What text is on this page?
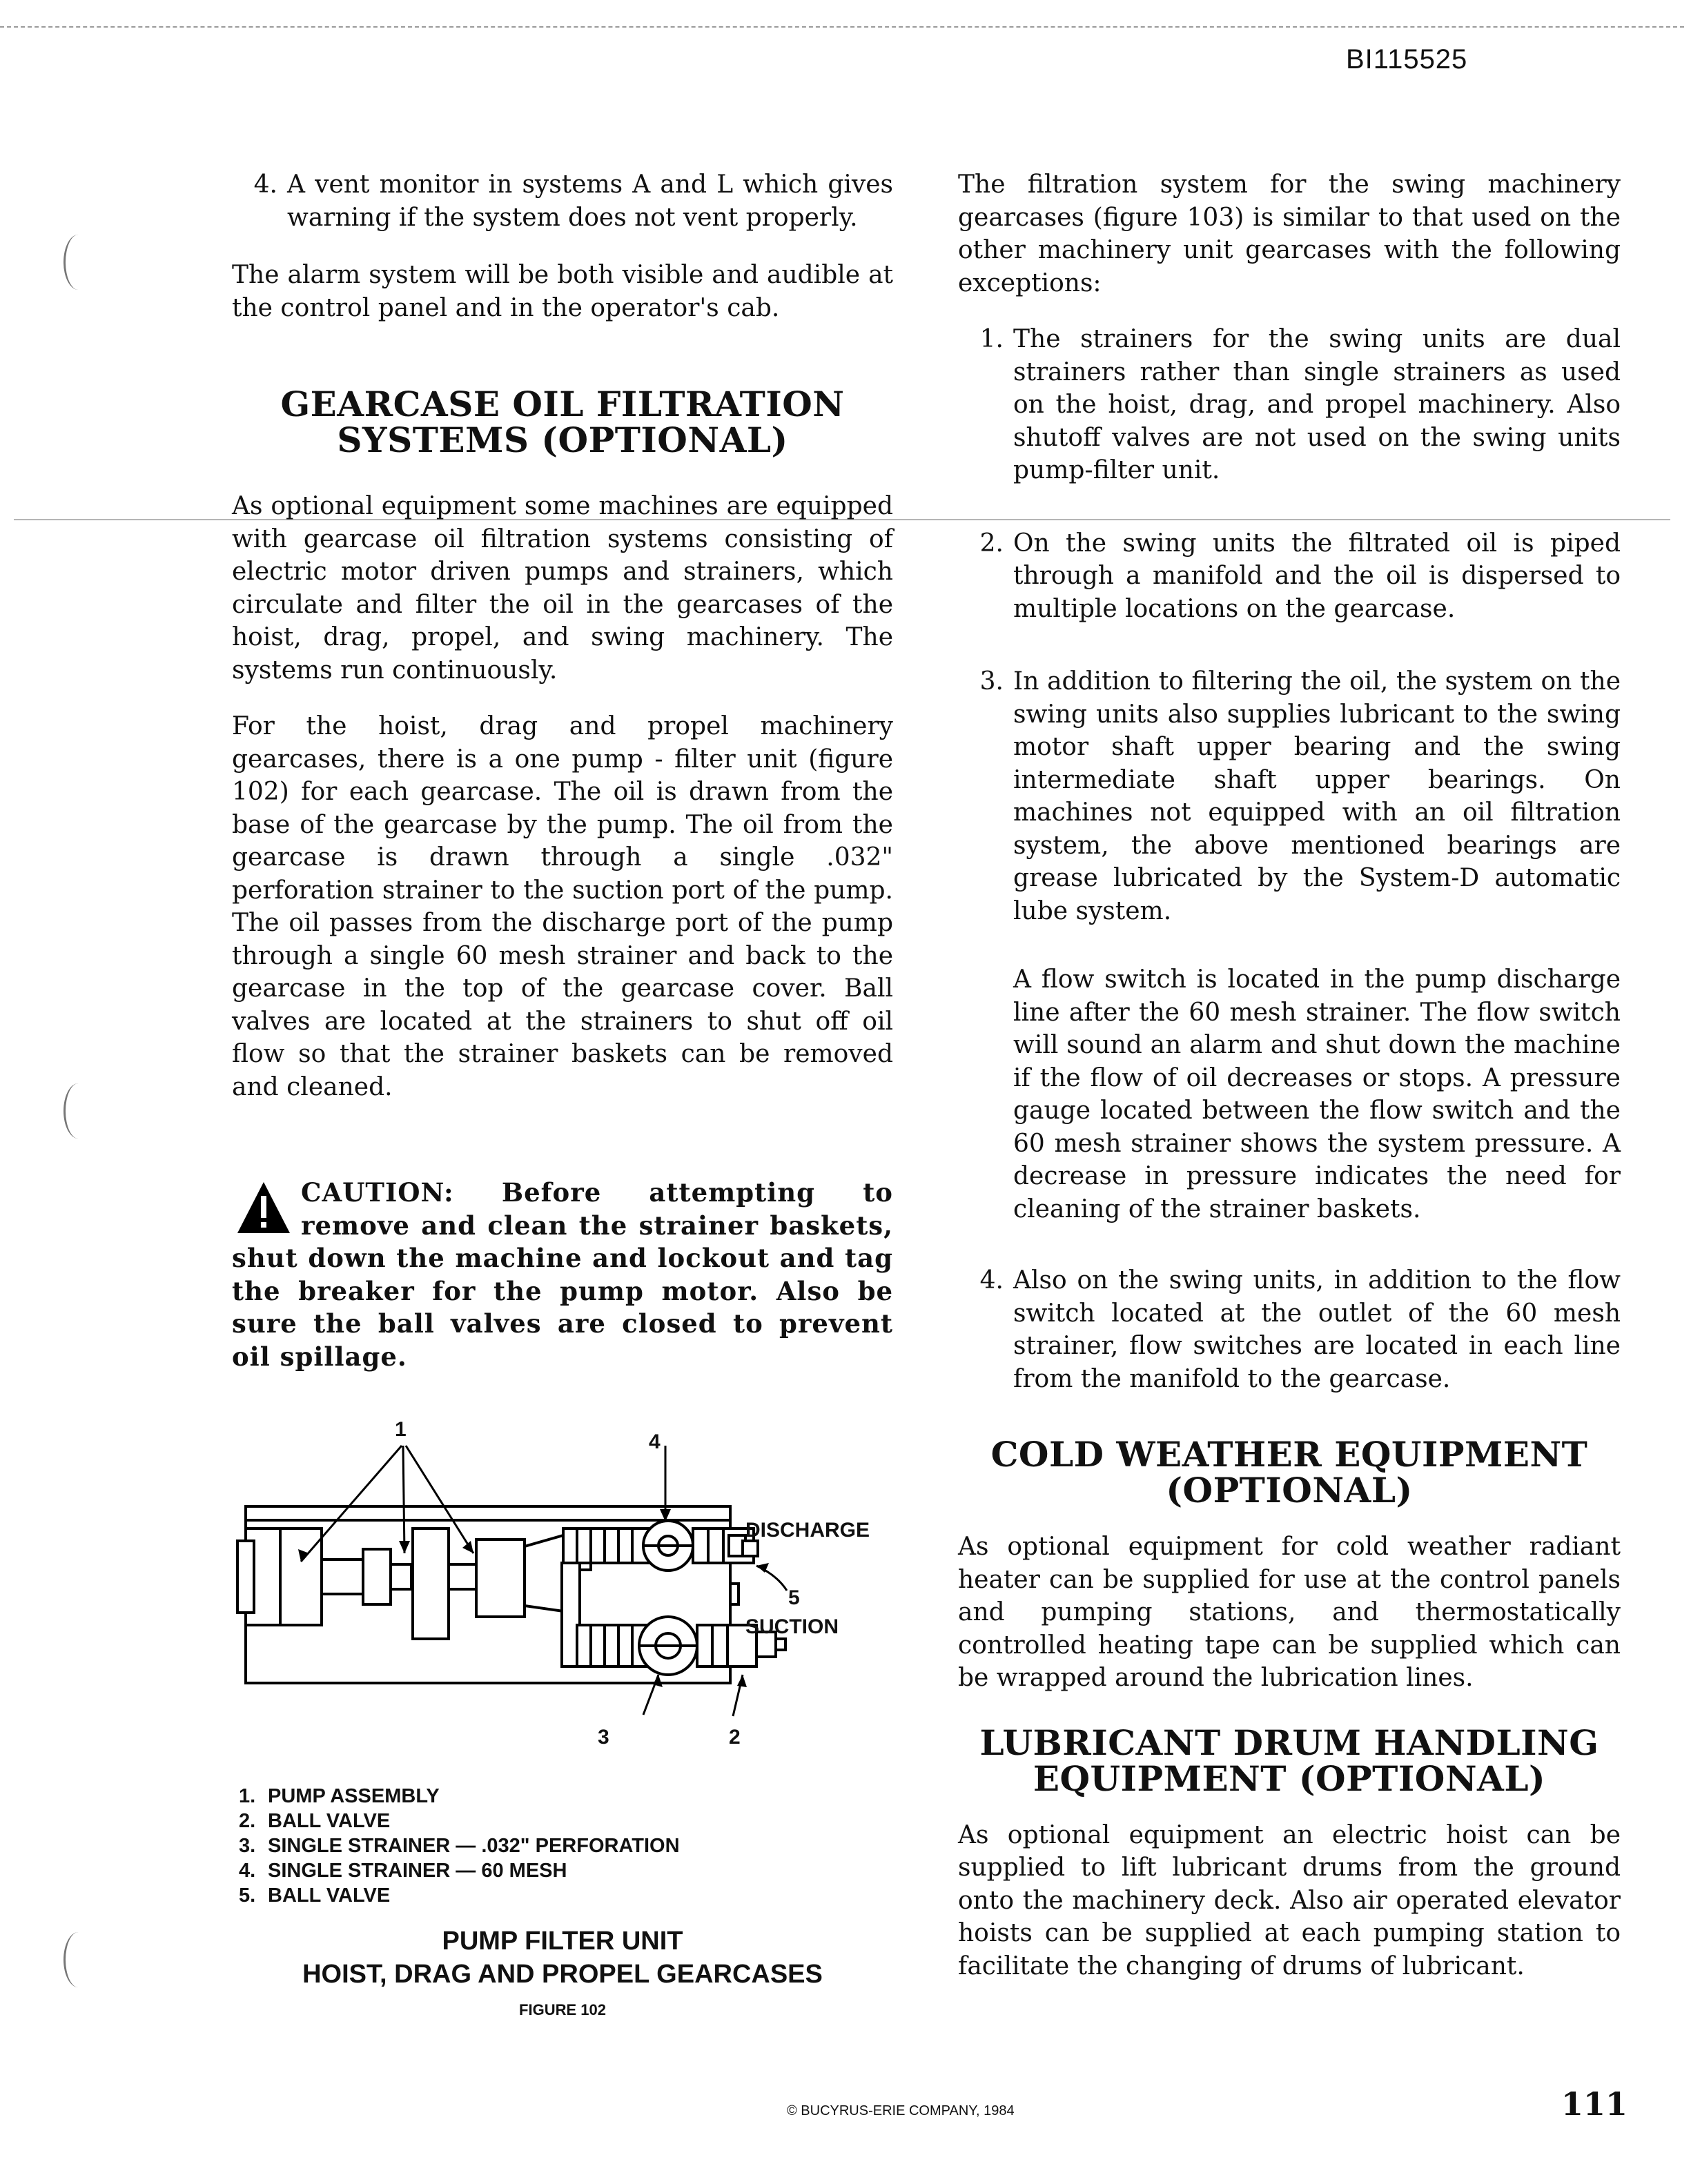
BI115525
4. A vent monitor in systems A and L which gives warning if the system does not vent properly.

The alarm system will be both visible and audible at the control panel and in the operator's cab.

GEARCASE OIL FILTRATION
SYSTEMS (OPTIONAL)

As optional equipment some machines are equipped with gearcase oil filtration systems consisting of electric motor driven pumps and strainers, which circulate and filter the oil in the gearcases of the hoist, drag, propel, and swing machinery. The systems run continuously.

For the hoist, drag and propel machinery gearcases, there is a one pump - filter unit (figure 102) for each gearcase. The oil is drawn from the base of the gearcase by the pump. The oil from the gearcase is drawn through a single .032" perforation strainer to the suction port of the pump. The oil passes from the discharge port of the pump through a single 60 mesh strainer and back to the gearcase in the top of the gearcase cover. Ball valves are located at the strainers to shut off oil flow so that the strainer baskets can be removed and cleaned.

CAUTION: Before attempting to remove and clean the strainer baskets, shut down the machine and lockout and tag the breaker for the pump motor. Also be sure the ball valves are closed to prevent oil spillage.
1
2
3
4
5
DISCHARGE
SUCTION
1. PUMP ASSEMBLY
2. BALL VALVE
3. SINGLE STRAINER — .032" PERFORATION
4. SINGLE STRAINER — 60 MESH
5. BALL VALVE
PUMP FILTER UNIT
HOIST, DRAG AND PROPEL GEARCASES
FIGURE 102

The filtration system for the swing machinery gearcases (figure 103) is similar to that used on the other machinery unit gearcases with the following exceptions:

1. The strainers for the swing units are dual strainers rather than single strainers as used on the hoist, drag, and propel machinery. Also shutoff valves are not used on the swing units pump-filter unit.
2. On the swing units the filtrated oil is piped through a manifold and the oil is dispersed to multiple locations on the gearcase.
3. In addition to filtering the oil, the system on the swing units also supplies lubricant to the swing motor shaft upper bearing and the swing intermediate shaft upper bearings. On machines not equipped with an oil filtration system, the above mentioned bearings are grease lubricated by the System-D automatic lube system.

A flow switch is located in the pump discharge line after the 60 mesh strainer. The flow switch will sound an alarm and shut down the machine if the flow of oil decreases or stops. A pressure gauge located between the flow switch and the 60 mesh strainer shows the system pressure. A decrease in pressure indicates the need for cleaning of the strainer baskets.

4. Also on the swing units, in addition to the flow switch located at the outlet of the 60 mesh strainer, flow switches are located in each line from the manifold to the gearcase.
COLD WEATHER EQUIPMENT
(OPTIONAL)

As optional equipment for cold weather radiant heater can be supplied for use at the control panels and pumping stations, and thermostatically controlled heating tape can be supplied which can be wrapped around the lubrication lines.

LUBRICANT DRUM HANDLING
EQUIPMENT (OPTIONAL)

As optional equipment an electric hoist can be supplied to lift lubricant drums from the ground onto the machinery deck. Also air operated elevator hoists can be supplied at each pumping station to facilitate the changing of drums of lubricant.

© BUCYRUS-ERIE COMPANY, 1984	111
